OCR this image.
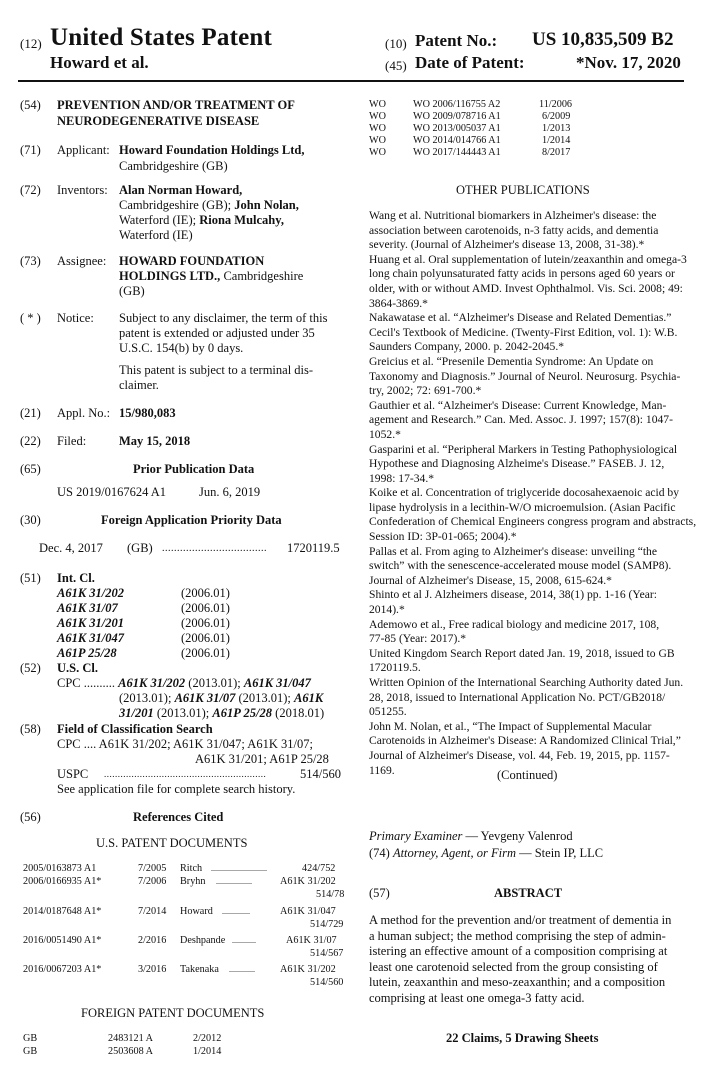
(12) United States Patent
Howard et al.
(10) Patent No.: US 10,835,509 B2
(45) Date of Patent:	*Nov. 17, 2020
(54) PREVENTION AND/OR TREATMENT OF
NEURODEGENERATIVE DISEASE
(71) Applicant: Howard Foundation Holdings Ltd,
Cambridgeshire (GB)
(72) Inventors: Alan Norman Howard,
Cambridgeshire (GB); John Nolan,
Waterford (IE); Riona Mulcahy,
Waterford (IE)
(73) Assignee: HOWARD FOUNDATION
HOLDINGS LTD., Cambridgeshire
(GB)
( * ) Notice: Subject to any disclaimer, the term of this
patent is extended or adjusted under 35
U.S.C. 154(b) by 0 days.
This patent is subject to a terminal dis-
claimer.
(21) Appl. No.: 15/980,083
(22) Filed:	May 15, 2018
(65)	Prior Publication Data
US 2019/0167624 A1	Jun. 6, 2019
(30)	Foreign Application Priority Data
Dec. 4, 2017 (GB) ................................... 1720119.5
(51) Int. Cl.
A61K 31/202	(2006.01)
A61K 31/07	(2006.01)
A61K 31/201	(2006.01)
A61K 31/047	(2006.01)
A61P 25/28	(2006.01)
(52) U.S. Cl.
CPC .......... A61K 31/202 (2013.01); A61K 31/047
(2013.01); A61K 31/07 (2013.01); A61K
31/201 (2013.01); A61P 25/28 (2018.01)
(58) Field of Classification Search
CPC .... A61K 31/202; A61K 31/047; A61K 31/07;
A61K 31/201; A61P 25/28
USPC ...........................................................	514/560
See application file for complete search history.
(56)	References Cited
U.S. PATENT DOCUMENTS
2005/0163873 A1	7/2005 Ritch ............................	424/752
2006/0166935 A1*	7/2006 Bryhn ..................	A61K 31/202
514/78
2014/0187648 A1*	7/2014 Howard ..............	A61K 31/047
514/729
2016/0051490 A1*	2/2016 Deshpande ............	A61K 31/07
514/567
2016/0067203 A1*	3/2016 Takenaka ............. A61K 31/202
514/560
FOREIGN PATENT DOCUMENTS
GB	2483121 A	2/2012
GB	2503608 A	1/2014
WO	WO 2006/116755 A2	11/2006
WO	WO 2009/078716 A1	6/2009
WO	WO 2013/005037 A1	1/2013
WO	WO 2014/014766 A1	1/2014
WO	WO 2017/144443 A1	8/2017
OTHER PUBLICATIONS
Wang et al. Nutritional biomarkers in Alzheimer's disease: the
association between carotenoids, n-3 fatty acids, and dementia
severity. (Journal of Alzheimer's disease 13, 2008, 31-38).*
Huang et al. Oral supplementation of lutein/zeaxanthin and omega-3
long chain polyunsaturated fatty acids in persons aged 60 years or
older, with or without AMD. Invest Ophthalmol. Vis. Sci. 2008; 49:
3864-3869.*
Nakawatase et al. “Alzheimer's Disease and Related Dementias.”
Cecil's Textbook of Medicine. (Twenty-First Edition, vol. 1): W.B.
Saunders Company, 2000. p. 2042-2045.*
Greicius et al. “Presenile Dementia Syndrome: An Update on
Taxonomy and Diagnosis.” Journal of Neurol. Neurosurg. Psychia-
try, 2002; 72: 691-700.*
Gauthier et al. “Alzheimer's Disease: Current Knowledge, Man-
agement and Research.” Can. Med. Assoc. J. 1997; 157(8): 1047-
1052.*
Gasparini et al. “Peripheral Markers in Testing Pathophysiological
Hypothese and Diagnosing Alzheime's Disease.” FASEB. J. 12,
1998: 17-34.*
Koike et al. Concentration of triglyceride docosahexaenoic acid by
lipase hydrolysis in a lecithin-W/O microemulsion. (Asian Pacific
Confederation of Chemical Engineers congress program and abstracts,
Session ID: 3P-01-065; 2004).*
Pallas et al. From aging to Alzheimer's disease: unveiling “the
switch” with the senescence-accelerated mouse model (SAMP8).
Journal of Alzheimer's Disease, 15, 2008, 615-624.*
Shinto et al J. Alzheimers disease, 2014, 38(1) pp. 1-16 (Year:
2014).*
Ademowo et al., Free radical biology and medicine 2017, 108,
77-85 (Year: 2017).*
United Kingdom Search Report dated Jan. 19, 2018, issued to GB
1720119.5.
Written Opinion of the International Searching Authority dated Jun.
28, 2018, issued to International Application No. PCT/GB2018/
051255.
John M. Nolan, et al., “The Impact of Supplemental Macular
Carotenoids in Alzheimer's Disease: A Randomized Clinical Trial,”
Journal of Alzheimer's Disease, vol. 44, Feb. 19, 2015, pp. 1157-
1169.	(Continued)
Primary Examiner — Yevgeny Valenrod
(74) Attorney, Agent, or Firm — Stein IP, LLC
(57)	ABSTRACT
A method for the prevention and/or treatment of dementia in
a human subject; the method comprising the step of admin-
istering an effective amount of a composition comprising at
least one carotenoid selected from the group consisting of
lutein, zeaxanthin and meso-zeaxanthin; and a composition
comprising at least one omega-3 fatty acid.
22 Claims, 5 Drawing Sheets
